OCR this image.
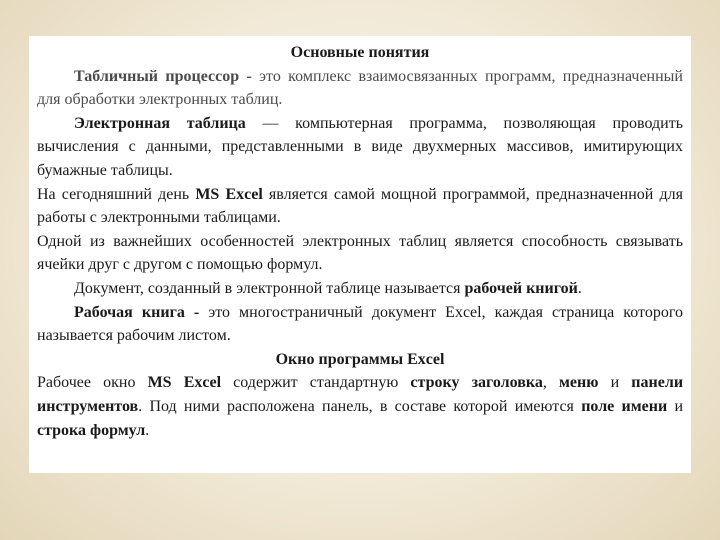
Основные понятия

Табличный процессор - это комплекс взаимосвязанных программ, предназначенный для обработки электронных таблиц.

Электронная таблица — компьютерная программа, позволяющая проводить вычисления с данными, представленными в виде двухмерных массивов, имитирующих бумажные таблицы.

На сегодняшний день MS Excel является самой мощной программой, предназначенной для работы с электронными таблицами.

Одной из важнейших особенностей электронных таблиц является способность связывать ячейки друг с другом с помощью формул.

Документ, созданный в электронной таблице называется рабочей книгой.

Рабочая книга - это многостраничный документ Excel, каждая страница которого называется рабочим листом.

Окно программы Excel

Рабочее окно MS Excel содержит стандартную строку заголовка, меню и панели инструментов. Под ними расположена панель, в составе которой имеются поле имени и строка формул.
